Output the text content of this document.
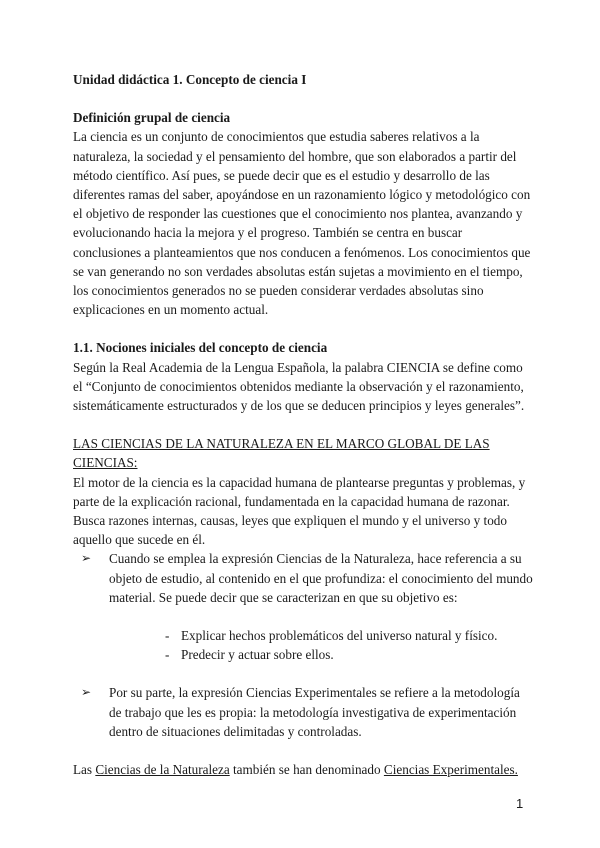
Unidad didáctica 1. Concepto de ciencia I

Definición grupal de ciencia

La ciencia es un conjunto de conocimientos que estudia saberes relativos a la naturaleza, la sociedad y el pensamiento del hombre, que son elaborados a partir del método científico. Así pues, se puede decir que es el estudio y desarrollo de las diferentes ramas del saber, apoyándose en un razonamiento lógico y metodológico con el objetivo de responder las cuestiones que el conocimiento nos plantea, avanzando y evolucionando hacia la mejora y el progreso. También se centra en buscar conclusiones a planteamientos que nos conducen a fenómenos. Los conocimientos que se van generando no son verdades absolutas están sujetas a movimiento en el tiempo, los conocimientos generados no se pueden considerar verdades absolutas sino explicaciones en un momento actual.

1.1. Nociones iniciales del concepto de ciencia

Según la Real Academia de la Lengua Española, la palabra CIENCIA se define como el “Conjunto de conocimientos obtenidos mediante la observación y el razonamiento, sistemáticamente estructurados y de los que se deducen principios y leyes generales”.

LAS CIENCIAS DE LA NATURALEZA EN EL MARCO GLOBAL DE LAS CIENCIAS:

El motor de la ciencia es la capacidad humana de plantearse preguntas y problemas, y parte de la explicación racional, fundamentada en la capacidad humana de razonar. Busca razones internas, causas, leyes que expliquen el mundo y el universo y todo aquello que sucede en él.

➢ Cuando se emplea la expresión Ciencias de la Naturaleza, hace referencia a su objeto de estudio, al contenido en el que profundiza: el conocimiento del mundo material. Se puede decir que se caracterizan en que su objetivo es:
- Explicar hechos problemáticos del universo natural y físico.
- Predecir y actuar sobre ellos.
➢ Por su parte, la expresión Ciencias Experimentales se refiere a la metodología de trabajo que les es propia: la metodología investigativa de experimentación dentro de situaciones delimitadas y controladas.

Las Ciencias de la Naturaleza también se han denominado Ciencias Experimentales.

1
